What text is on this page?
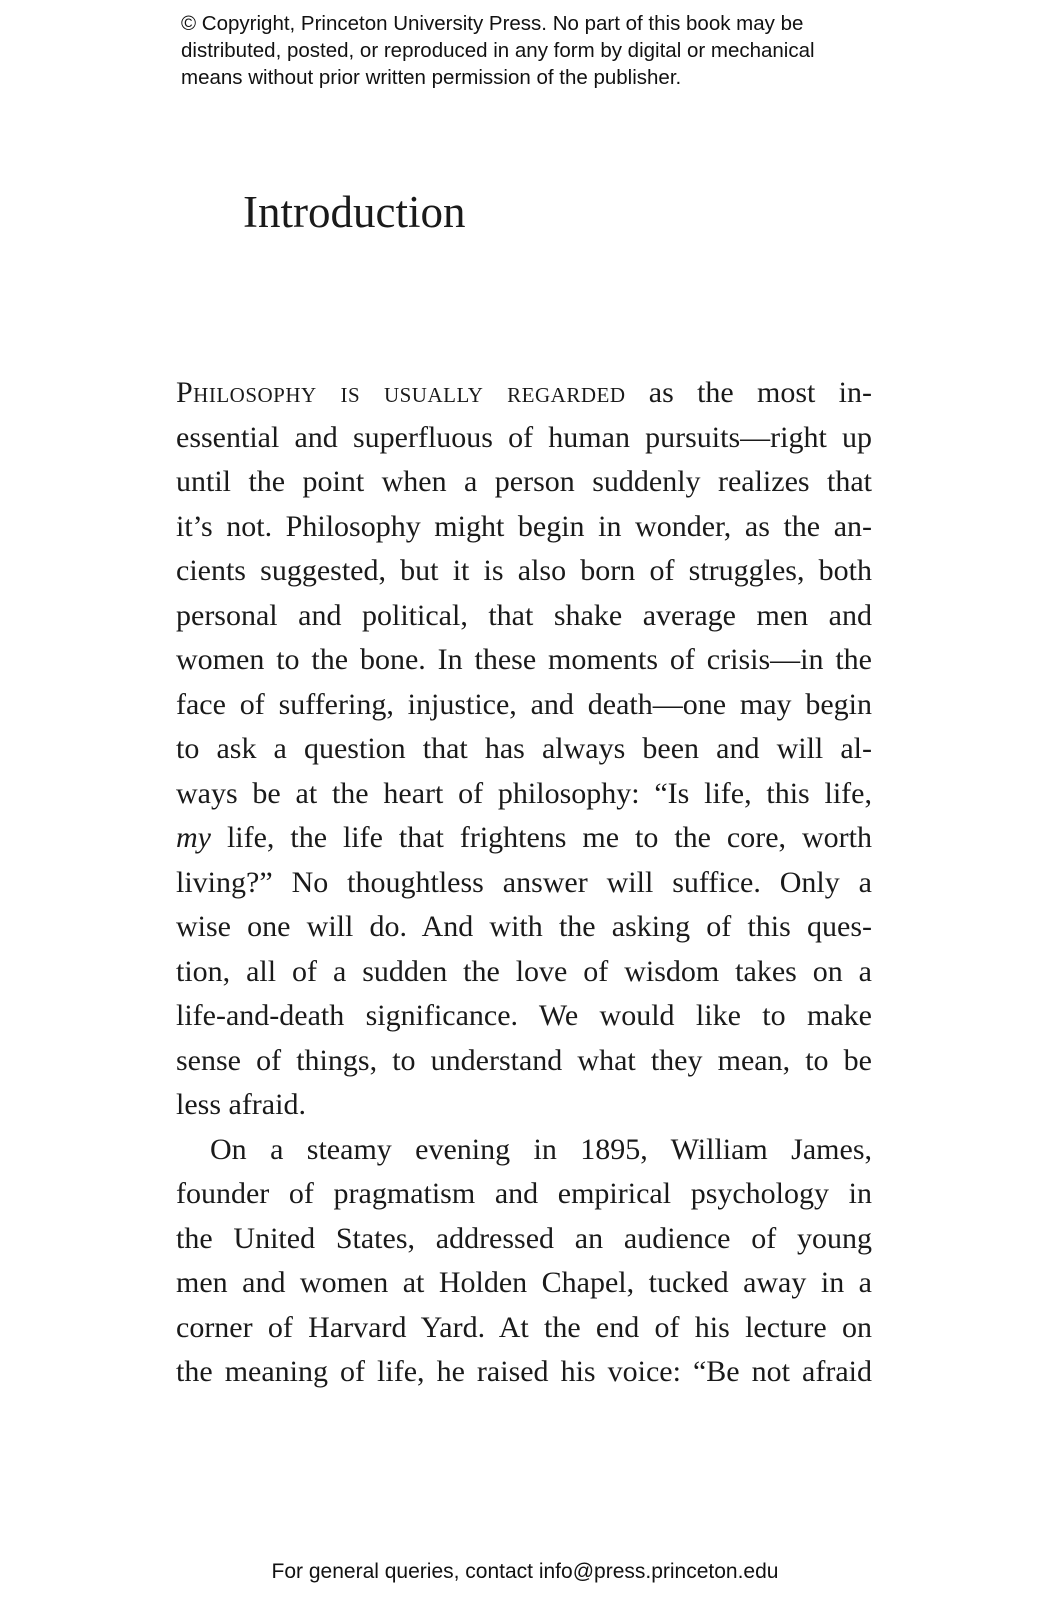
© Copyright, Princeton University Press. No part of this book may be
distributed, posted, or reproduced in any form by digital or mechanical
means without prior written permission of the publisher.
Introduction
Philosophy is usually regarded as the most in-
essential and superfluous of human pursuits—right up
until the point when a person suddenly realizes that
it’s not. Philosophy might begin in wonder, as the an-
cients suggested, but it is also born of struggles, both
personal and political, that shake average men and
women to the bone. In these moments of crisis—in the
face of suffering, injustice, and death—one may begin
to ask a question that has always been and will al-
ways be at the heart of philosophy: “Is life, this life,
my life, the life that frightens me to the core, worth
living?” No thoughtless answer will suffice. Only a
wise one will do. And with the asking of this ques-
tion, all of a sudden the love of wisdom takes on a
life-and-death significance. We would like to make
sense of things, to understand what they mean, to be
less afraid.
On a steamy evening in 1895, William James,
founder of pragmatism and empirical psychology in
the United States, addressed an audience of young
men and women at Holden Chapel, tucked away in a
corner of Harvard Yard. At the end of his lecture on
the meaning of life, he raised his voice: “Be not afraid
For general queries, contact info@press.princeton.edu
